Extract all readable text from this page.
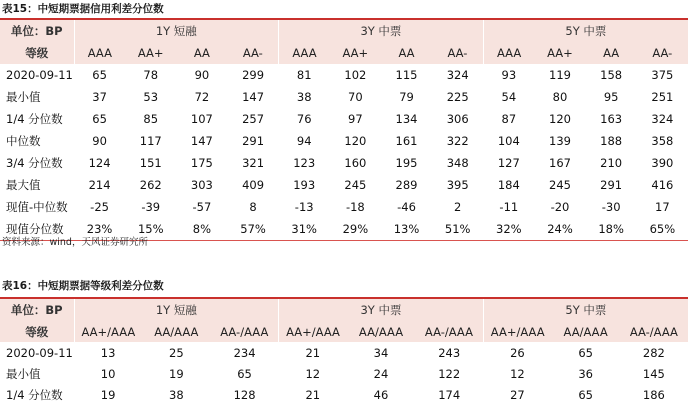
表15：中短期票据信用利差分位数
单位：BP	1Y 短融				3Y 中票				5Y 中票			
等级	AAA	AA+	AA	AA-	AAA	AA+	AA	AA-	AAA	AA+	AA	AA-
2020-09-11	65	78	90	299	81	102	115	324	93	119	158	375
最小值	37	53	72	147	38	70	79	225	54	80	95	251
1/4 分位数	65	85	107	257	76	97	134	306	87	120	163	324
中位数	90	117	147	291	94	120	161	322	104	139	188	358
3/4 分位数	124	151	175	321	123	160	195	348	127	167	210	390
最大值	214	262	303	409	193	245	289	395	184	245	291	416
现值-中位数	-25	-39	-57	8	-13	-18	-46	2	-11	-20	-30	17
现值分位数	23%	15%	8%	57%	31%	29%	13%	51%	32%	24%	18%	65%
资料来源：wind，天风证券研究所
表16：中短期票据等级利差分位数
单位：BP	1Y 短融			3Y 中票			5Y 中票		
等级	AA+/AAA	AA/AAA	AA-/AAA	AA+/AAA	AA/AAA	AA-/AAA	AA+/AAA	AA/AAA	AA-/AAA
2020-09-11	13	25	234	21	34	243	26	65	282
最小值	10	19	65	12	24	122	12	36	145
1/4 分位数	19	38	128	21	46	174	27	65	186
